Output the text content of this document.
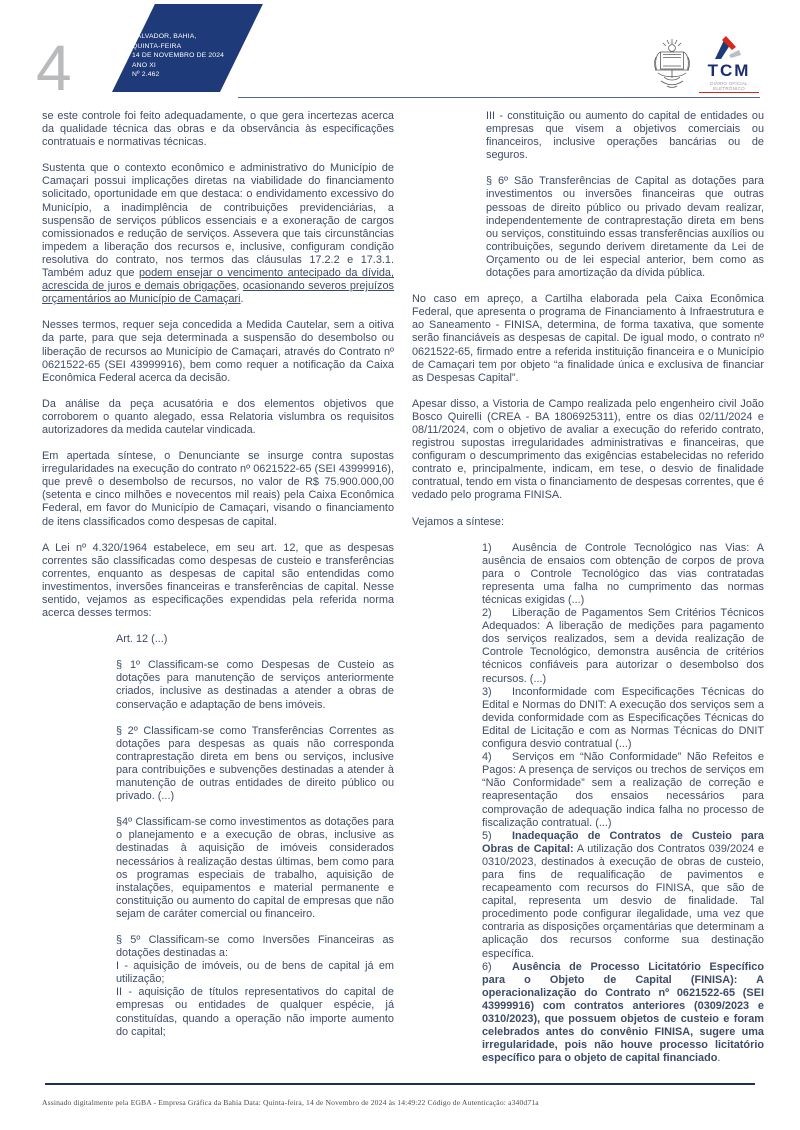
4	SALVADOR, BAHIA,
QUINTA-FEIRA
14 DE NOVEMBRO DE 2024
ANO XI
Nº 2.462	TCM
DIÁRIO OFICIAL ELETRÔNICO
se este controle foi feito adequadamente, o que gera incertezas acerca da qualidade técnica das obras e da observância às especificações contratuais e normativas técnicas.
Sustenta que o contexto econômico e administrativo do Município de Camaçari possui implicações diretas na viabilidade do financiamento solicitado, oportunidade em que destaca: o endividamento excessivo do Município, a inadimplência de contribuições previdenciárias, a suspensão de serviços públicos essenciais e a exoneração de cargos comissionados e redução de serviços. Assevera que tais circunstâncias impedem a liberação dos recursos e, inclusive, configuram condição resolutiva do contrato, nos termos das cláusulas 17.2.2 e 17.3.1. Também aduz que podem ensejar o vencimento antecipado da dívida, acrescida de juros e demais obrigações, ocasionando severos prejuízos orçamentários ao Município de Camaçari.
Nesses termos, requer seja concedida a Medida Cautelar, sem a oitiva da parte, para que seja determinada a suspensão do desembolso ou liberação de recursos ao Município de Camaçari, através do Contrato nº 0621522-65 (SEI 43999916), bem como requer a notificação da Caixa Econômica Federal acerca da decisão.
Da análise da peça acusatória e dos elementos objetivos que corroborem o quanto alegado, essa Relatoria vislumbra os requisitos autorizadores da medida cautelar vindicada.
Em apertada síntese, o Denunciante se insurge contra supostas irregularidades na execução do contrato nº 0621522-65 (SEI 43999916), que prevê o desembolso de recursos, no valor de R$ 75.900.000,00 (setenta e cinco milhões e novecentos mil reais) pela Caixa Econômica Federal, em favor do Município de Camaçari, visando o financiamento de itens classificados como despesas de capital.
A Lei nº 4.320/1964 estabelece, em seu art. 12, que as despesas correntes são classificadas como despesas de custeio e transferências correntes, enquanto as despesas de capital são entendidas como investimentos, inversões financeiras e transferências de capital. Nesse sentido, vejamos as especificações expendidas pela referida norma acerca desses termos:
Art. 12 (...)
§ 1º Classificam-se como Despesas de Custeio as dotações para manutenção de serviços anteriormente criados, inclusive as destinadas a atender a obras de conservação e adaptação de bens imóveis.
§ 2º Classificam-se como Transferências Correntes as dotações para despesas as quais não corresponda contraprestação direta em bens ou serviços, inclusive para contribuições e subvenções destinadas a atender à manutenção de outras entidades de direito público ou privado. (...)
§4º Classificam-se como investimentos as dotações para o planejamento e a execução de obras, inclusive as destinadas à aquisição de imóveis considerados necessários à realização destas últimas, bem como para os programas especiais de trabalho, aquisição de instalações, equipamentos e material permanente e constituição ou aumento do capital de empresas que não sejam de caráter comercial ou financeiro.
§ 5º Classificam-se como Inversões Financeiras as dotações destinadas a:
I - aquisição de imóveis, ou de bens de capital já em utilização;
II - aquisição de títulos representativos do capital de empresas ou entidades de qualquer espécie, já constituídas, quando a operação não importe aumento do capital;
III - constituição ou aumento do capital de entidades ou empresas que visem a objetivos comerciais ou financeiros, inclusive operações bancárias ou de seguros.
§ 6º São Transferências de Capital as dotações para investimentos ou inversões financeiras que outras pessoas de direito público ou privado devam realizar, independentemente de contraprestação direta em bens ou serviços, constituindo essas transferências auxílios ou contribuições, segundo derivem diretamente da Lei de Orçamento ou de lei especial anterior, bem como as dotações para amortização da dívida pública.
No caso em apreço, a Cartilha elaborada pela Caixa Econômica Federal, que apresenta o programa de Financiamento à Infraestrutura e ao Saneamento - FINISA, determina, de forma taxativa, que somente serão financiáveis as despesas de capital. De igual modo, o contrato nº 0621522-65, firmado entre a referida instituição financeira e o Município de Camaçari tem por objeto “a finalidade única e exclusiva de financiar as Despesas Capital”.
Apesar disso, a Vistoria de Campo realizada pelo engenheiro civil João Bosco Quirelli (CREA - BA 1806925311), entre os dias 02/11/2024 e 08/11/2024, com o objetivo de avaliar a execução do referido contrato, registrou supostas irregularidades administrativas e financeiras, que configuram o descumprimento das exigências estabelecidas no referido contrato e, principalmente, indicam, em tese, o desvio de finalidade contratual, tendo em vista o financiamento de despesas correntes, que é vedado pelo programa FINISA.
Vejamos a síntese:
1) Ausência de Controle Tecnológico nas Vias: A ausência de ensaios com obtenção de corpos de prova para o Controle Tecnológico das vias contratadas representa uma falha no cumprimento das normas técnicas exigidas (...)
2) Liberação de Pagamentos Sem Critérios Técnicos Adequados: A liberação de medições para pagamento dos serviços realizados, sem a devida realização de Controle Tecnológico, demonstra ausência de critérios técnicos confiáveis para autorizar o desembolso dos recursos. (...)
3) Inconformidade com Especificações Técnicas do Edital e Normas do DNIT: A execução dos serviços sem a devida conformidade com as Especificações Técnicas do Edital de Licitação e com as Normas Técnicas do DNIT configura desvio contratual (...)
4) Serviços em “Não Conformidade” Não Refeitos e Pagos: A presença de serviços ou trechos de serviços em “Não Conformidade” sem a realização de correção e reapresentação dos ensaios necessários para comprovação de adequação indica falha no processo de fiscalização contratual. (...)
5) Inadequação de Contratos de Custeio para Obras de Capital: A utilização dos Contratos 039/2024 e 0310/2023, destinados à execução de obras de custeio, para fins de requalificação de pavimentos e recapeamento com recursos do FINISA, que são de capital, representa um desvio de finalidade. Tal procedimento pode configurar ilegalidade, uma vez que contraria as disposições orçamentárias que determinam a aplicação dos recursos conforme sua destinação específica.
6) Ausência de Processo Licitatório Específico para o Objeto de Capital (FINISA): A operacionalização do Contrato nº 0621522-65 (SEI 43999916) com contratos anteriores (0309/2023 e 0310/2023), que possuem objetos de custeio e foram celebrados antes do convênio FINISA, sugere uma irregularidade, pois não houve processo licitatório específico para o objeto de capital financiado.
Assinado digitalmente pela EGBA - Empresa Gráfica da Bahia Data: Quinta-feira, 14 de Novembro de 2024 às 14:49:22 Código de Autenticação: a340d71a
